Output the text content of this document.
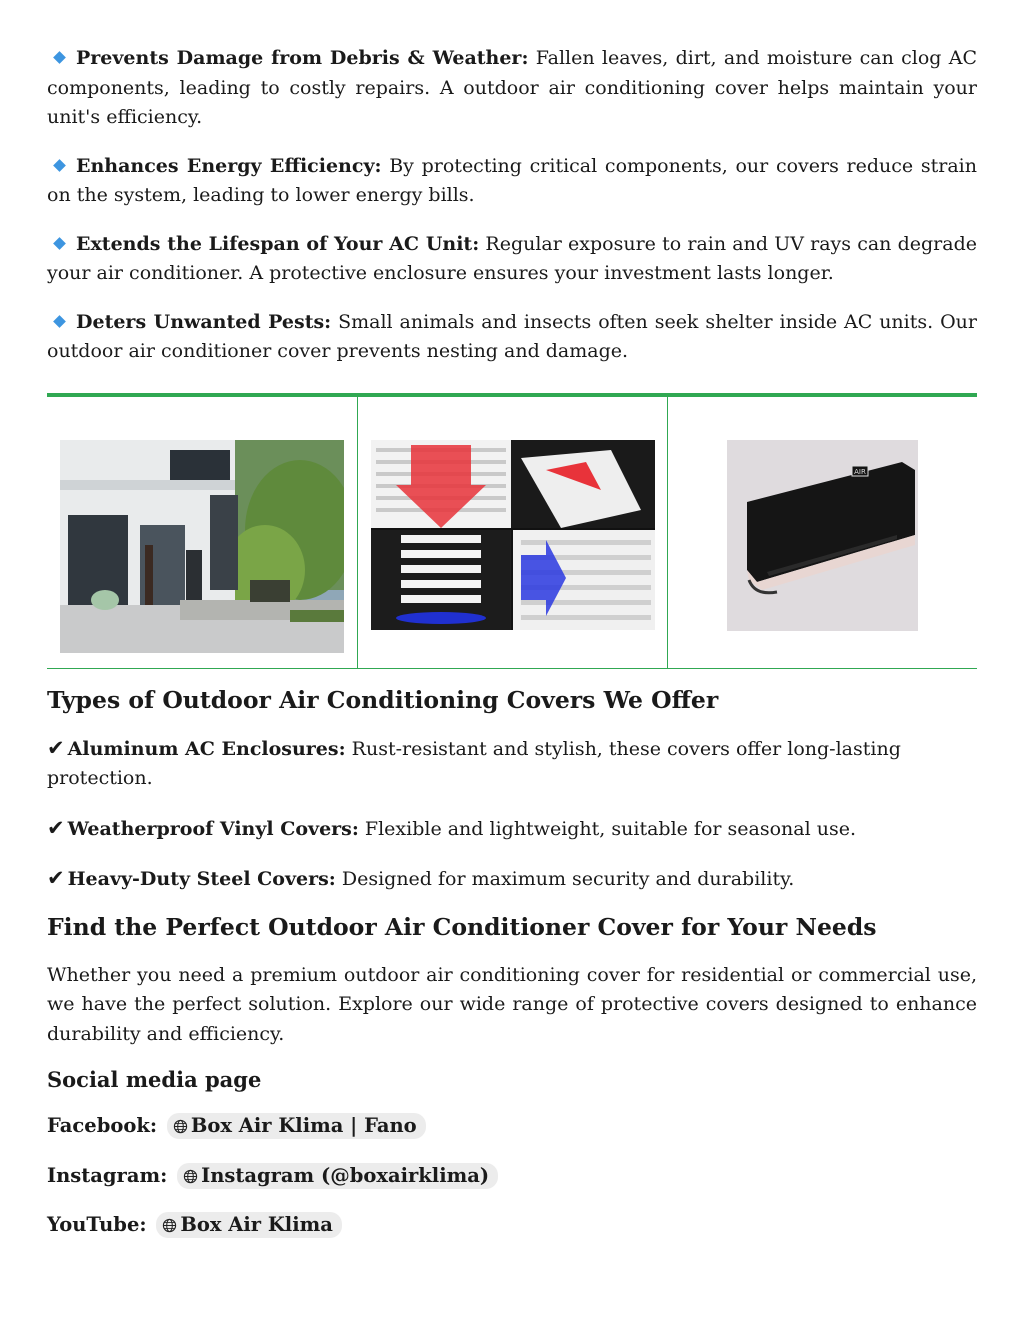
Prevents Damage from Debris & Weather: Fallen leaves, dirt, and moisture can clog AC components, leading to costly repairs. A outdoor air conditioning cover helps maintain your unit's efficiency.

Enhances Energy Efficiency: By protecting critical components, our covers reduce strain on the system, leading to lower energy bills.

Extends the Lifespan of Your AC Unit: Regular exposure to rain and UV rays can degrade your air conditioner. A protective enclosure ensures your investment lasts longer.

Deters Unwanted Pests: Small animals and insects often seek shelter inside AC units. Our outdoor air conditioner cover prevents nesting and damage.

AIR
Types of Outdoor Air Conditioning Covers We Offer

✔ Aluminum AC Enclosures: Rust-resistant and stylish, these covers offer long-lasting protection.

✔ Weatherproof Vinyl Covers: Flexible and lightweight, suitable for seasonal use.

✔ Heavy-Duty Steel Covers: Designed for maximum security and durability.

Find the Perfect Outdoor Air Conditioner Cover for Your Needs

Whether you need a premium outdoor air conditioning cover for residential or commercial use, we have the perfect solution. Explore our wide range of protective covers designed to enhance durability and efficiency.

Social media page

Facebook: Box Air Klima | Fano

Instagram: Instagram (@boxairklima)

YouTube: Box Air Klima
